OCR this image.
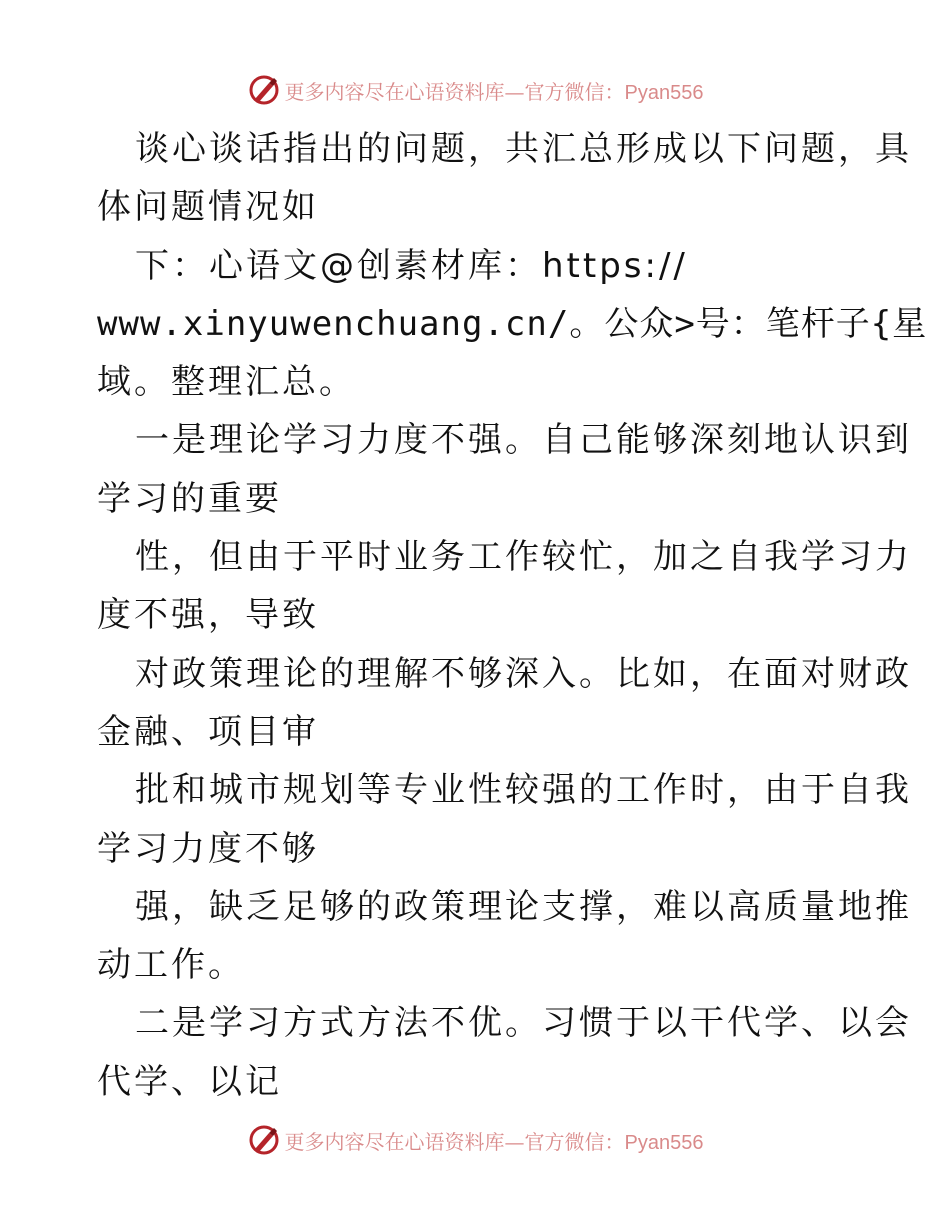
更多内容尽在心语资料库—官方微信：Pyan556
谈心谈话指出的问题，共汇总形成以下问题，具
体问题情况如
下：心语文@创素材库：https://
www.xinyuwenchuang.cn/。公众>号：笔杆子{星
域。整理汇总。
一是理论学习力度不强。自己能够深刻地认识到
学习的重要
性，但由于平时业务工作较忙，加之自我学习力
度不强，导致
对政策理论的理解不够深入。比如，在面对财政
金融、项目审
批和城市规划等专业性较强的工作时，由于自我
学习力度不够
强，缺乏足够的政策理论支撑，难以高质量地推
动工作。
二是学习方式方法不优。习惯于以干代学、以会
代学、以记
更多内容尽在心语资料库—官方微信：Pyan556
